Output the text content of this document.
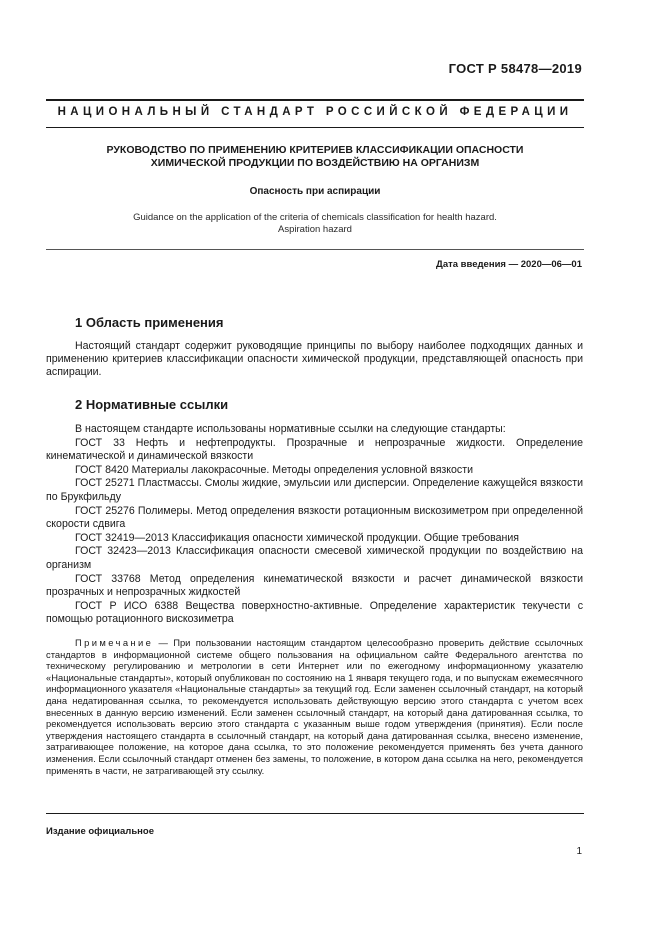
ГОСТ Р 58478—2019
НАЦИОНАЛЬНЫЙ СТАНДАРТ РОССИЙСКОЙ ФЕДЕРАЦИИ
РУКОВОДСТВО ПО ПРИМЕНЕНИЮ КРИТЕРИЕВ КЛАССИФИКАЦИИ ОПАСНОСТИ
ХИМИЧЕСКОЙ ПРОДУКЦИИ ПО ВОЗДЕЙСТВИЮ НА ОРГАНИЗМ
Опасность при аспирации
Guidance on the application of the criteria of chemicals classification for health hazard.
Aspiration hazard
Дата введения — 2020—06—01
1 Область применения
Настоящий стандарт содержит руководящие принципы по выбору наиболее подходящих данных и применению критериев классификации опасности химической продукции, представляющей опасность при аспирации.
2 Нормативные ссылки

В настоящем стандарте использованы нормативные ссылки на следующие стандарты:

ГОСТ 33 Нефть и нефтепродукты. Прозрачные и непрозрачные жидкости. Определение кинематической и динамической вязкости

ГОСТ 8420 Материалы лакокрасочные. Методы определения условной вязкости

ГОСТ 25271 Пластмассы. Смолы жидкие, эмульсии или дисперсии. Определение кажущейся вязкости по Брукфильду

ГОСТ 25276 Полимеры. Метод определения вязкости ротационным вискозиметром при определенной скорости сдвига

ГОСТ 32419—2013 Классификация опасности химической продукции. Общие требования

ГОСТ 32423—2013 Классификация опасности смесевой химической продукции по воздействию на организм

ГОСТ 33768 Метод определения кинематической вязкости и расчет динамической вязкости прозрачных и непрозрачных жидкостей

ГОСТ Р ИСО 6388 Вещества поверхностно-активные. Определение характеристик текучести с помощью ротационного вискозиметра

Примечание — При пользовании настоящим стандартом целесообразно проверить действие ссылочных стандартов в информационной системе общего пользования на официальном сайте Федерального агентства по техническому регулированию и метрологии в сети Интернет или по ежегодному информационному указателю «Национальные стандарты», который опубликован по состоянию на 1 января текущего года, и по выпускам ежемесячного информационного указателя «Национальные стандарты» за текущий год. Если заменен ссылочный стандарт, на который дана недатированная ссылка, то рекомендуется использовать действующую версию этого стандарта с учетом всех внесенных в данную версию изменений. Если заменен ссылочный стандарт, на который дана датированная ссылка, то рекомендуется использовать версию этого стандарта с указанным выше годом утверждения (принятия). Если после утверждения настоящего стандарта в ссылочный стандарт, на который дана датированная ссылка, внесено изменение, затрагивающее положение, на которое дана ссылка, то это положение рекомендуется применять без учета данного изменения. Если ссылочный стандарт отменен без замены, то положение, в котором дана ссылка на него, рекомендуется применять в части, не затрагивающей эту ссылку.
Издание официальное
1
